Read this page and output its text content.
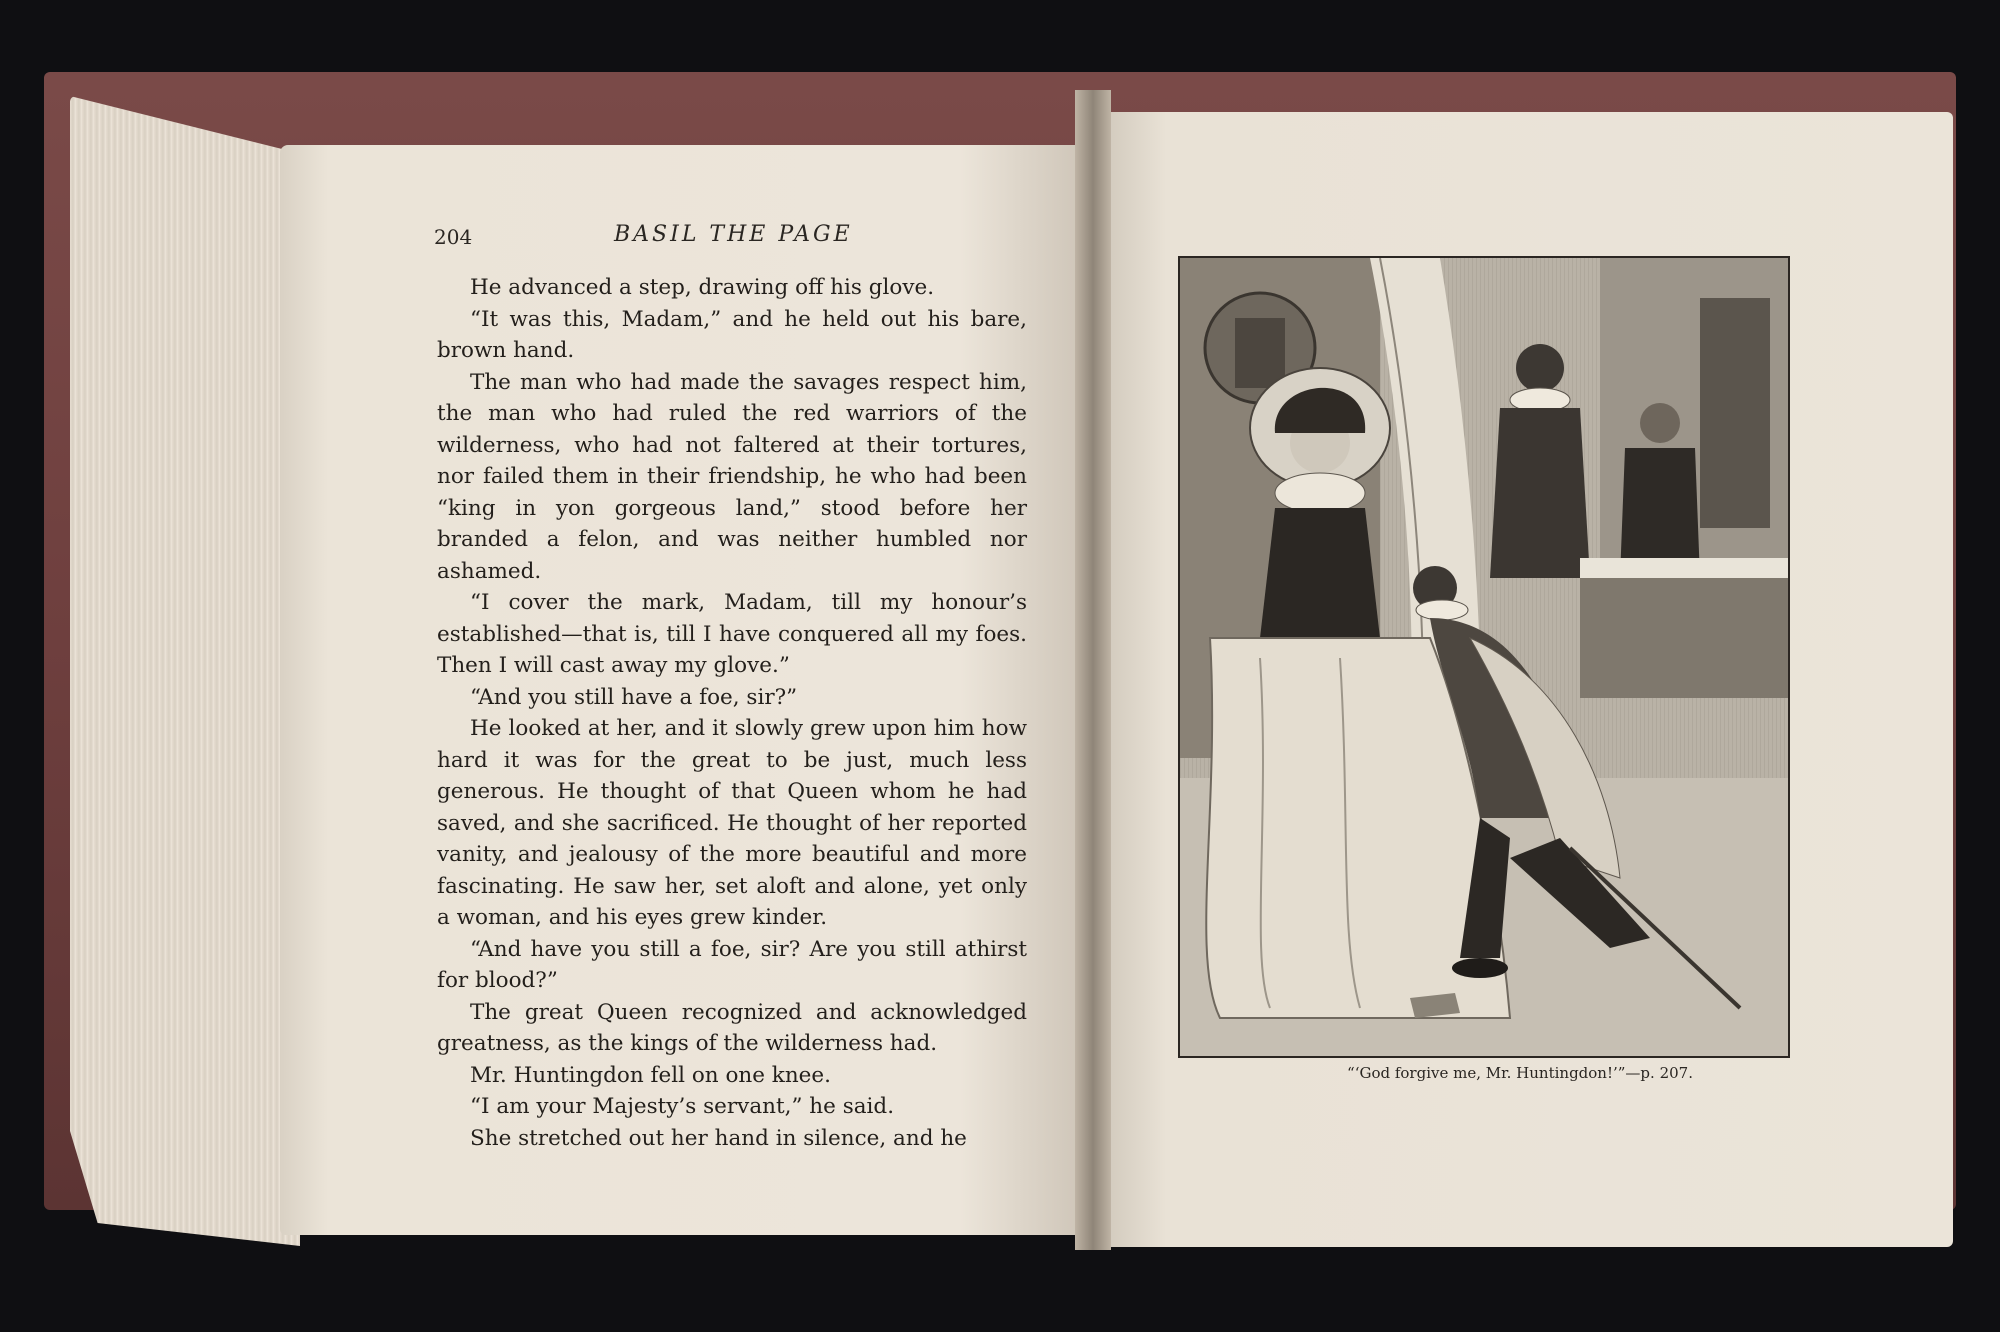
204	BASIL THE PAGE

He advanced a step, drawing off his glove.

“It was this, Madam,” and he held out his bare, brown hand.

The man who had made the savages respect him, the man who had ruled the red warriors of the wilderness, who had not faltered at their tortures, nor failed them in their friendship, he who had been “king in yon gorgeous land,” stood before her branded a felon, and was neither humbled nor ashamed.

“I cover the mark, Madam, till my honour’s established—that is, till I have conquered all my foes. Then I will cast away my glove.”

“And you still have a foe, sir?”

He looked at her, and it slowly grew upon him how hard it was for the great to be just, much less generous. He thought of that Queen whom he had saved, and she sacrificed. He thought of her reported vanity, and jealousy of the more beautiful and more fascinating. He saw her, set aloft and alone, yet only a woman, and his eyes grew kinder.

“And have you still a foe, sir? Are you still athirst for blood?”

The great Queen recognized and acknowledged greatness, as the kings of the wilderness had.

Mr. Huntingdon fell on one knee.

“I am your Majesty’s servant,” he said.

She stretched out her hand in silence, and he

“‘God forgive me, Mr. Huntingdon!’”—p. 207.
